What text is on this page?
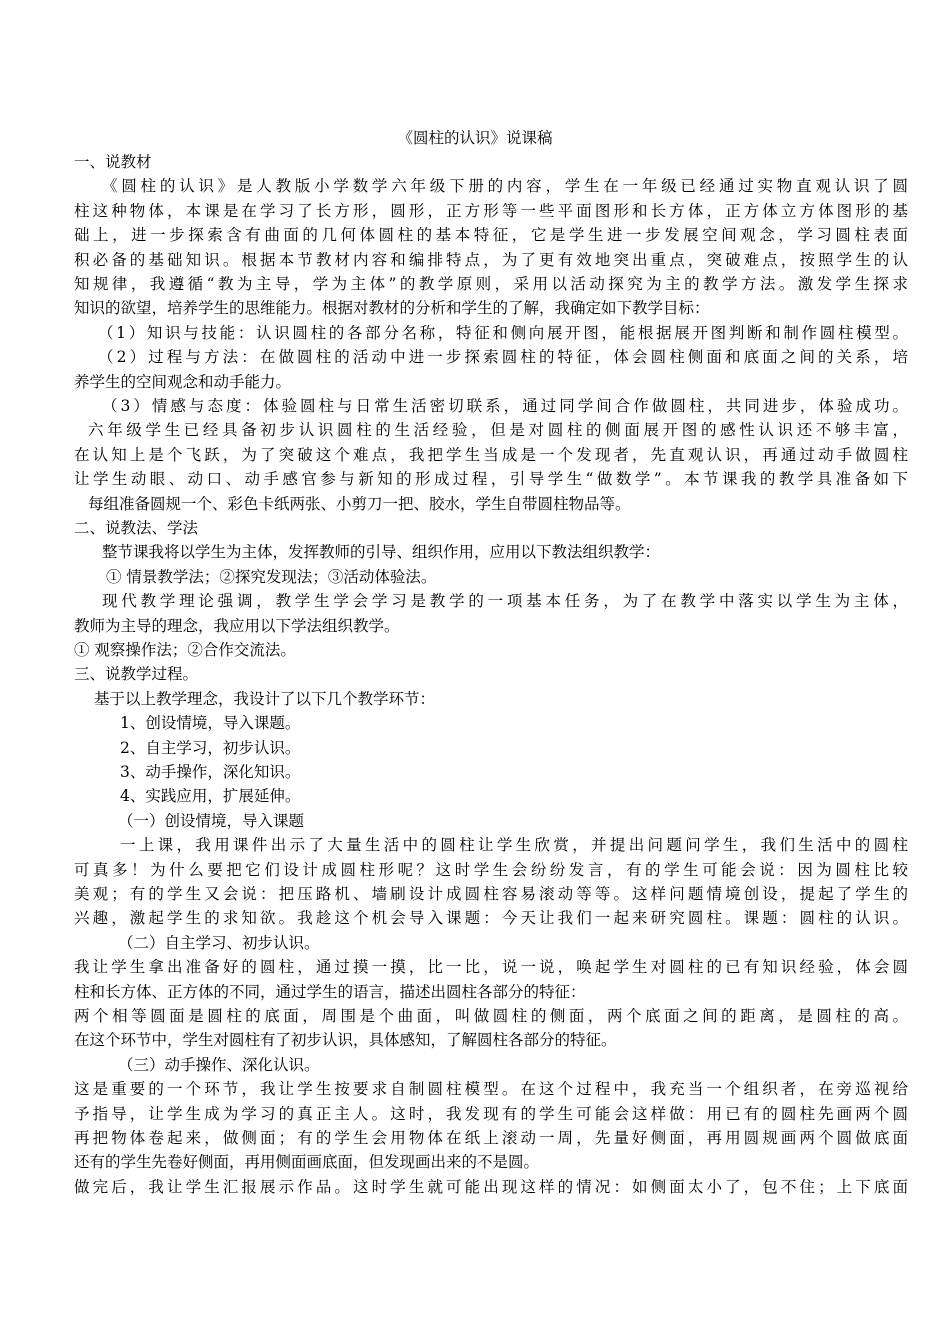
《圆柱的认识》说课稿
一、说教材
《圆柱的认识》是人教版小学数学六年级下册的内容，学生在一年级已经通过实物直观认识了圆
柱这种物体，本课是在学习了长方形，圆形，正方形等一些平面图形和长方体，正方体立方体图形的基
础上，进一步探索含有曲面的几何体圆柱的基本特征，它是学生进一步发展空间观念，学习圆柱表面
积必备的基础知识。根据本节教材内容和编排特点，为了更有效地突出重点，突破难点，按照学生的认
知规律，我遵循“教为主导，学为主体”的教学原则，采用以活动探究为主的教学方法。激发学生探求
知识的欲望，培养学生的思维能力。根据对教材的分析和学生的了解，我确定如下教学目标：
（1）知识与技能：认识圆柱的各部分名称，特征和侧向展开图，能根据展开图判断和制作圆柱模型。
（2）过程与方法：在做圆柱的活动中进一步探索圆柱的特征，体会圆柱侧面和底面之间的关系，培
养学生的空间观念和动手能力。
（3）情感与态度：体验圆柱与日常生活密切联系，通过同学间合作做圆柱，共同进步，体验成功。
六年级学生已经具备初步认识圆柱的生活经验，但是对圆柱的侧面展开图的感性认识还不够丰富，
在认知上是个飞跃，为了突破这个难点，我把学生当成是一个发现者，先直观认识，再通过动手做圆柱
让学生动眼、动口、动手感官参与新知的形成过程，引导学生“做数学”。本节课我的教学具准备如下
每组准备圆规一个、彩色卡纸两张、小剪刀一把、胶水，学生自带圆柱物品等。
二、说教法、学法
整节课我将以学生为主体，发挥教师的引导、组织作用，应用以下教法组织教学：
① 情景教学法；②探究发现法；③活动体验法。
现代教学理论强调，教学生学会学习是教学的一项基本任务，为了在教学中落实以学生为主体，
教师为主导的理念，我应用以下学法组织教学。
① 观察操作法；②合作交流法。
三、说教学过程。
基于以上教学理念，我设计了以下几个教学环节：
1、创设情境，导入课题。
2、自主学习，初步认识。
3、动手操作，深化知识。
4、实践应用，扩展延伸。
（一）创设情境，导入课题
一上课，我用课件出示了大量生活中的圆柱让学生欣赏，并提出问题问学生，我们生活中的圆柱
可真多！为什么要把它们设计成圆柱形呢？这时学生会纷纷发言，有的学生可能会说：因为圆柱比较
美观；有的学生又会说：把压路机、墙刷设计成圆柱容易滚动等等。这样问题情境创设，提起了学生的
兴趣，激起学生的求知欲。我趁这个机会导入课题：今天让我们一起来研究圆柱。课题：圆柱的认识。
（二）自主学习、初步认识。
我让学生拿出准备好的圆柱，通过摸一摸，比一比，说一说，唤起学生对圆柱的已有知识经验，体会圆
柱和长方体、正方体的不同，通过学生的语言，描述出圆柱各部分的特征：
两个相等圆面是圆柱的底面，周围是个曲面，叫做圆柱的侧面，两个底面之间的距离，是圆柱的高。
在这个环节中，学生对圆柱有了初步认识，具体感知，了解圆柱各部分的特征。
（三）动手操作、深化认识。
这是重要的一个环节，我让学生按要求自制圆柱模型。在这个过程中，我充当一个组织者，在旁巡视给
予指导，让学生成为学习的真正主人。这时，我发现有的学生可能会这样做：用已有的圆柱先画两个圆
再把物体卷起来，做侧面；有的学生会用物体在纸上滚动一周，先量好侧面，再用圆规画两个圆做底面
还有的学生先卷好侧面，再用侧面画底面，但发现画出来的不是圆。
做完后，我让学生汇报展示作品。这时学生就可能出现这样的情况：如侧面太小了，包不住；上下底面
